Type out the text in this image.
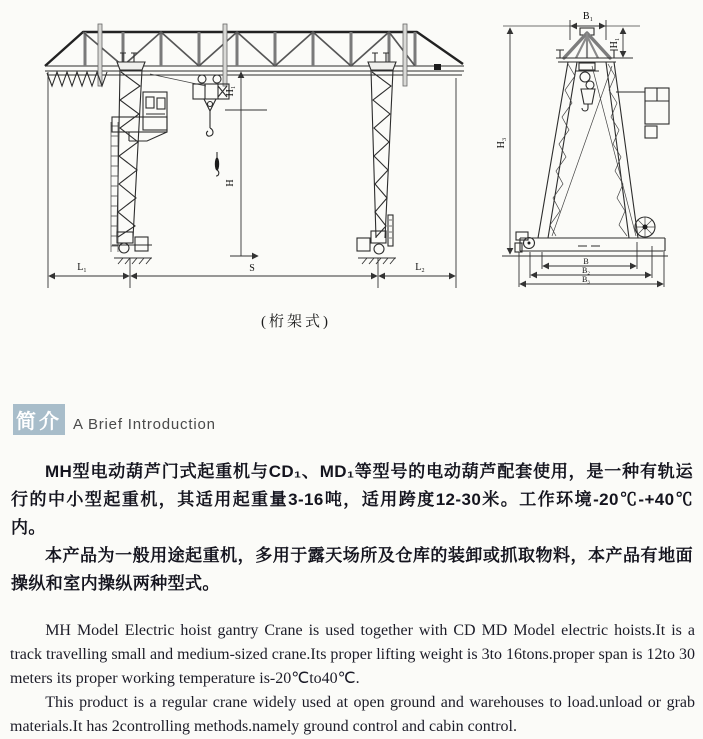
H₁
H
L₁	S	L₂
B₁
H₁
H₃
B
B₂
B₃
(桁架式)
简介 A Brief Introduction

MH型电动葫芦门式起重机与CD₁、MD₁等型号的电动葫芦配套使用，是一种有轨运行的中小型起重机，其适用起重量3-16吨，适用跨度12-30米。工作环境-20℃-+40℃内。

本产品为一般用途起重机，多用于露天场所及仓库的装卸或抓取物料，本产品有地面操纵和室内操纵两种型式。

MH Model Electric hoist gantry Crane is used together with CD MD Model electric hoists.It is a track travelling small and medium-sized crane.Its proper lifting weight is 3to 16tons.proper span is 12to 30 meters its proper working temperature is-20℃to40℃.

This product is a regular crane widely used at open ground and warehouses to load.unload or grab materials.It has 2controlling methods.namely ground control and cabin control.
